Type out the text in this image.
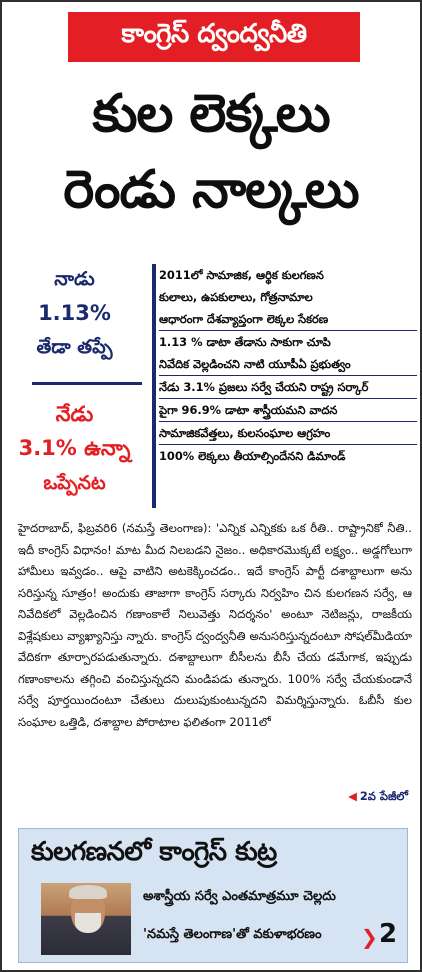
కాంగ్రెస్ ద్వంద్వనీతి
కుల లెక్కలు
రెండు నాల్కలు
నాడు
1.13%
తేడా తప్పే
నేడు
3.1% ఉన్నా
ఒప్పేనట
2011లో సామాజిక, ఆర్థిక కులగణన
కులాలు, ఉపకులాలు, గోత్రనామాల
ఆధారంగా దేశవ్యాప్తంగా లెక్కల సేకరణ
1.13 % డాటా తేడాను సాకుగా చూపి
నివేదిక వెల్లడించని నాటి యూపీఏ ప్రభుత్వం
నేడు 3.1% ప్రజలు సర్వే చేయని రాష్ట్ర సర్కార్
పైగా 96.9% డాటా శాస్త్రీయమని వాదన
సామాజికవేత్తలు, కులసంఘాల ఆగ్రహం
100% లెక్కలు తీయాల్సిందేనని డిమాండ్

హైదరాబాద్, ఫిబ్రవరి6 (నమస్తే తెలంగాణ): 'ఎన్నిక ఎన్నికకు ఒక రీతి.. రాష్ట్రానికో నీతి.. ఇదీ కాంగ్రెస్ విధానం! మాట మీద నిలబడని నైజం.. అధికారమొక్కటే లక్ష్యం.. అడ్డగోలుగా హామీలు ఇవ్వడం.. ఆపై వాటిని అటకెక్కించడం.. ఇదే కాంగ్రెస్ పార్టీ దశాబ్దాలుగా అను సరిస్తున్న సూత్రం! అందుకు తాజాగా కాంగ్రెస్ సర్కారు నిర్వహిం చిన కులగణన సర్వే, ఆ నివేదికలో వెల్లడించిన గణాంకాలే నిలువెత్తు నిదర్శనం' అంటూ నెటిజన్లు, రాజకీయ విశ్లేషకులు వ్యాఖ్యానిస్తు న్నారు. కాంగ్రెస్ ద్వంద్వనీతి అనుసరిస్తున్నదంటూ సోషల్‌మీడియా వేదికగా తూర్పారపడుతున్నారు. దశాబ్దాలుగా బీసీలను బీసీ చేయ డమేగాక, ఇప్పుడు గణాంకాలను తగ్గించి వంచిస్తున్నదని మండిపడు తున్నారు. 100% సర్వే చేయకుండానే సర్వే పూర్తయిందంటూ చేతులు దులుపుకుంటున్నదని విమర్శిస్తున్నారు. ఓబీసీ కుల సంఘాల ఒత్తిడి, దశాబ్దాల పోరాటాల ఫలితంగా 2011లో

◀ 2వ పేజీలో
కులగణనలో కాంగ్రెస్ కుట్ర
అశాస్త్రీయ సర్వే ఎంతమాత్రమూ చెల్లదు
'నమస్తే తెలంగాణ'తో వకుళాభరణం ❯ 2
